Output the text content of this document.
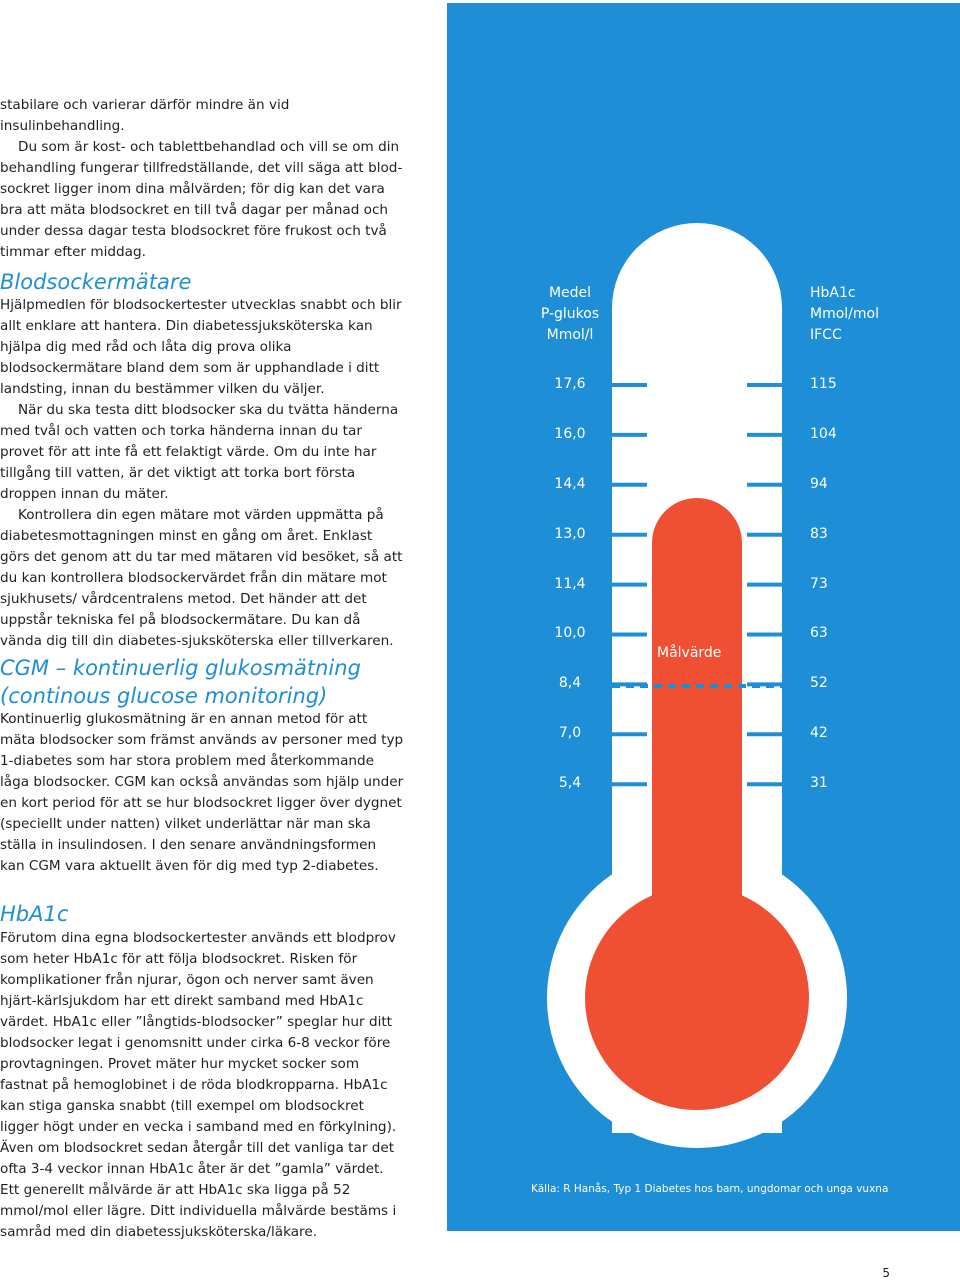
stabilare och varierar därför mindre än vid insulinbehandling.

Du som är kost- och tablettbehandlad och vill se om din behandling fungerar tillfredställande, det vill säga att blod-sockret ligger inom dina målvärden; för dig kan det vara bra att mäta blodsockret en till två dagar per månad och under dessa dagar testa blodsockret före frukost och två timmar efter middag.

Blodsockermätare

Hjälpmedlen för blodsockertester utvecklas snabbt och blir allt enklare att hantera. Din diabetessjuksköterska kan hjälpa dig med råd och låta dig prova olika blodsockermätare bland dem som är upphandlade i ditt landsting, innan du bestämmer vilken du väljer.

När du ska testa ditt blodsocker ska du tvätta händerna med tvål och vatten och torka händerna innan du tar provet för att inte få ett felaktigt värde. Om du inte har tillgång till vatten, är det viktigt att torka bort första droppen innan du mäter.

Kontrollera din egen mätare mot värden uppmätta på diabetesmottagningen minst en gång om året. Enklast görs det genom att du tar med mätaren vid besöket, så att du kan kontrollera blodsockervärdet från din mätare mot sjukhusets/ vårdcentralens metod. Det händer att det uppstår tekniska fel på blodsockermätare. Du kan då vända dig till din diabetes-sjuksköterska eller tillverkaren.

CGM – kontinuerlig glukosmätning
(continous glucose monitoring)

Kontinuerlig glukosmätning är en annan metod för att mäta blodsocker som främst används av personer med typ 1-diabetes som har stora problem med återkommande låga blodsocker. CGM kan också användas som hjälp under en kort period för att se hur blodsockret ligger över dygnet (speciellt under natten) vilket underlättar när man ska ställa in insulindosen. I den senare användningsformen kan CGM vara aktuellt även för dig med typ 2-diabetes.

HbA1c

Förutom dina egna blodsockertester används ett blodprov som heter HbA1c för att följa blodsockret. Risken för komplikationer från njurar, ögon och nerver samt även hjärt-kärlsjukdom har ett direkt samband med HbA1c värdet. HbA1c eller ”långtids-blodsocker” speglar hur ditt blodsocker legat i genomsnitt under cirka 6-8 veckor före provtagningen. Provet mäter hur mycket socker som fastnat på hemoglobinet i de röda blodkropparna. HbA1c kan stiga ganska snabbt (till exempel om blodsockret ligger högt under en vecka i samband med en förkylning). Även om blodsockret sedan återgår till det vanliga tar det ofta 3-4 veckor innan HbA1c åter är det ”gamla” värdet. Ett generellt målvärde är att HbA1c ska ligga på 52 mmol/mol eller lägre. Ditt individuella målvärde bestäms i samråd med din diabetessjuksköterska/läkare.

Medel
P-glukos
Mmol/l
HbA1c
Mmol/mol
IFCC
17,6
16,0
14,4
13,0
11,4
10,0
8,4
7,0
5,4
115
104
94
83
73
63
52
42
31
Målvärde
Källa: R Hanås, Typ 1 Diabetes hos barn, ungdomar och unga vuxna
5
